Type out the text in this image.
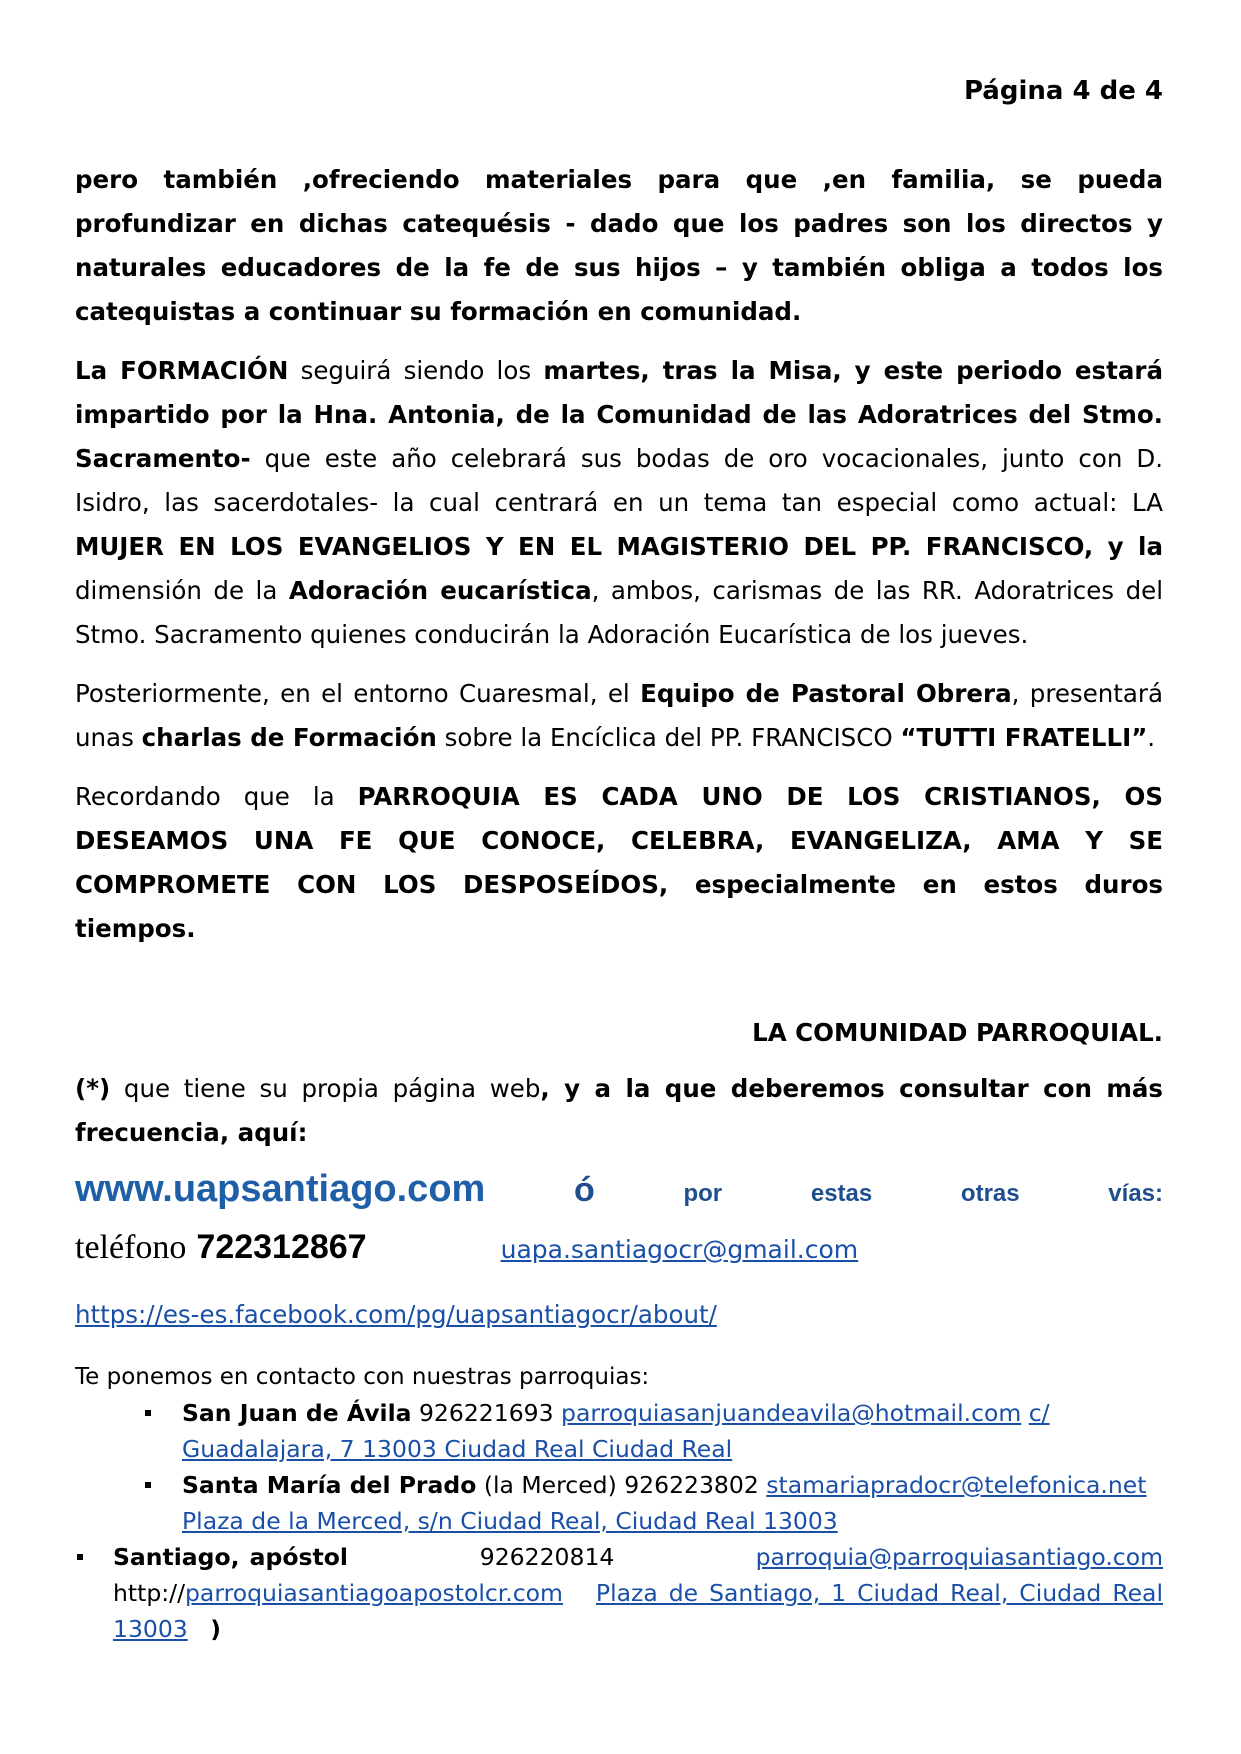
Página 4 de 4

pero también ,ofreciendo materiales para que ,en familia, se pueda profundizar en dichas catequésis - dado que los padres son los directos y naturales educadores de la fe de sus hijos – y también obliga a todos los catequistas a continuar su formación en comunidad.

La FORMACIÓN seguirá siendo los martes, tras la Misa, y este periodo estará impartido por la Hna. Antonia, de la Comunidad de las Adoratrices del Stmo. Sacramento- que este año celebrará sus bodas de oro vocacionales, junto con D. Isidro, las sacerdotales- la cual centrará en un tema tan especial como actual: LA MUJER EN LOS EVANGELIOS Y EN EL MAGISTERIO DEL PP. FRANCISCO, y la dimensión de la Adoración eucarística, ambos, carismas de las RR. Adoratrices del Stmo. Sacramento quienes conducirán la Adoración Eucarística de los jueves.

Posteriormente, en el entorno Cuaresmal, el Equipo de Pastoral Obrera, presentará unas charlas de Formación sobre la Encíclica del PP. FRANCISCO “TUTTI FRATELLI”.

Recordando que la PARROQUIA ES CADA UNO DE LOS CRISTIANOS, OS DESEAMOS UNA FE QUE CONOCE, CELEBRA, EVANGELIZA, AMA Y SE COMPROMETE CON LOS DESPOSEÍDOS, especialmente en estos duros tiempos.

LA COMUNIDAD PARROQUIAL.

(*) que tiene su propia página web, y a la que deberemos consultar con más frecuencia, aquí:

www.uapsantiago.com	ó	por	estas	otras	vías:
teléfono 722312867	uapa.santiagocr@gmail.com
https://es-es.facebook.com/pg/uapsantiagocr/about/
Te ponemos en contacto con nuestras parroquias:
San Juan de Ávila 926221693 parroquiasanjuandeavila@hotmail.com c/ Guadalajara, 7 13003 Ciudad Real Ciudad Real
Santa María del Prado (la Merced) 926223802 stamariapradocr@telefonica.net Plaza de la Merced, s/n Ciudad Real, Ciudad Real 13003
Santiago, apóstol	926220814	parroquia@parroquiasantiago.com http://parroquiasantiagoapostolcr.com Plaza de Santiago, 1 Ciudad Real, Ciudad Real 13003 )
